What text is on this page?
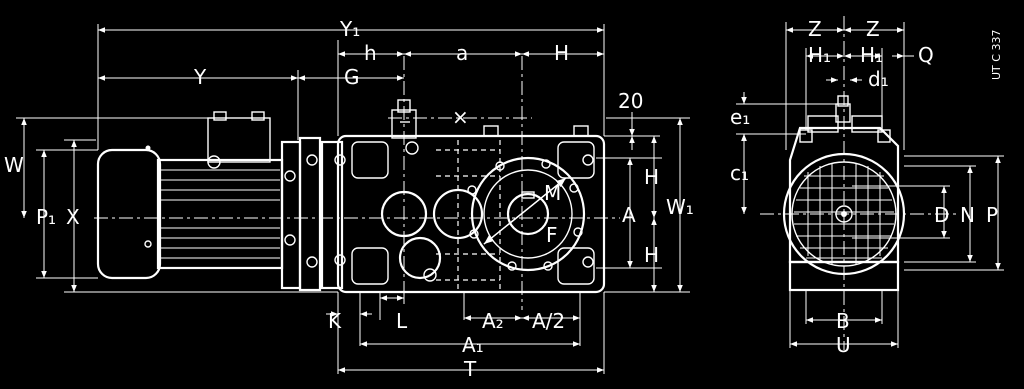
Y₁
h	a	H
Y	G
×
20
W
P₁ X
H
A W₁
H
M
F
K	L	A₂ A/2
A₁
T
Z Z
H₁ H₁ Q
d₁
e₁
c₁
D N P
B
U
UT C 337
